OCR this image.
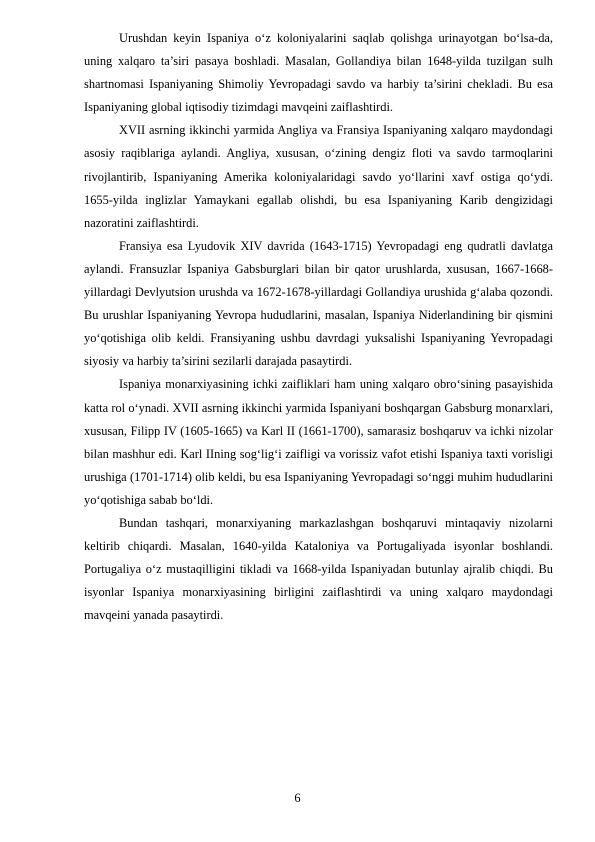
Urushdan keyin Ispaniya o‘z koloniyalarini saqlab qolishga urinayotgan bo‘lsa-da, uning xalqaro ta’siri pasaya boshladi. Masalan, Gollandiya bilan 1648-yilda tuzilgan sulh shartnomasi Ispaniyaning Shimoliy Yevropadagi savdo va harbiy ta’sirini chekladi. Bu esa Ispaniyaning global iqtisodiy tizimdagi mavqeini zaiflashtirdi.

XVII asrning ikkinchi yarmida Angliya va Fransiya Ispaniyaning xalqaro maydondagi asosiy raqiblariga aylandi. Angliya, xususan, o‘zining dengiz floti va savdo tarmoqlarini rivojlantirib, Ispaniyaning Amerika koloniyalaridagi savdo yo‘llarini xavf ostiga qo‘ydi. 1655-yilda inglizlar Yamaykani egallab olishdi, bu esa Ispaniyaning Karib dengizidagi nazoratini zaiflashtirdi.

Fransiya esa Lyudovik XIV davrida (1643-1715) Yevropadagi eng qudratli davlatga aylandi. Fransuzlar Ispaniya Gabsburglari bilan bir qator urushlarda, xususan, 1667-1668-yillardagi Devlyutsion urushda va 1672-1678-yillardagi Gollandiya urushida g‘alaba qozondi. Bu urushlar Ispaniyaning Yevropa hududlarini, masalan, Ispaniya Niderlandining bir qismini yo‘qotishiga olib keldi. Fransiyaning ushbu davrdagi yuksalishi Ispaniyaning Yevropadagi siyosiy va harbiy ta’sirini sezilarli darajada pasaytirdi.

Ispaniya monarxiyasining ichki zaifliklari ham uning xalqaro obro‘sining pasayishida katta rol o‘ynadi. XVII asrning ikkinchi yarmida Ispaniyani boshqargan Gabsburg monarxlari, xususan, Filipp IV (1605-1665) va Karl II (1661-1700), samarasiz boshqaruv va ichki nizolar bilan mashhur edi. Karl IIning sog‘lig‘i zaifligi va vorissiz vafot etishi Ispaniya taxti vorisligi urushiga (1701-1714) olib keldi, bu esa Ispaniyaning Yevropadagi so‘nggi muhim hududlarini yo‘qotishiga sabab bo‘ldi.

Bundan tashqari, monarxiyaning markazlashgan boshqaruvi mintaqaviy nizolarni keltirib chiqardi. Masalan, 1640-yilda Kataloniya va Portugaliyada isyonlar boshlandi. Portugaliya o‘z mustaqilligini tikladi va 1668-yilda Ispaniyadan butunlay ajralib chiqdi. Bu isyonlar Ispaniya monarxiyasining birligini zaiflashtirdi va uning xalqaro maydondagi mavqeini yanada pasaytirdi.

6
